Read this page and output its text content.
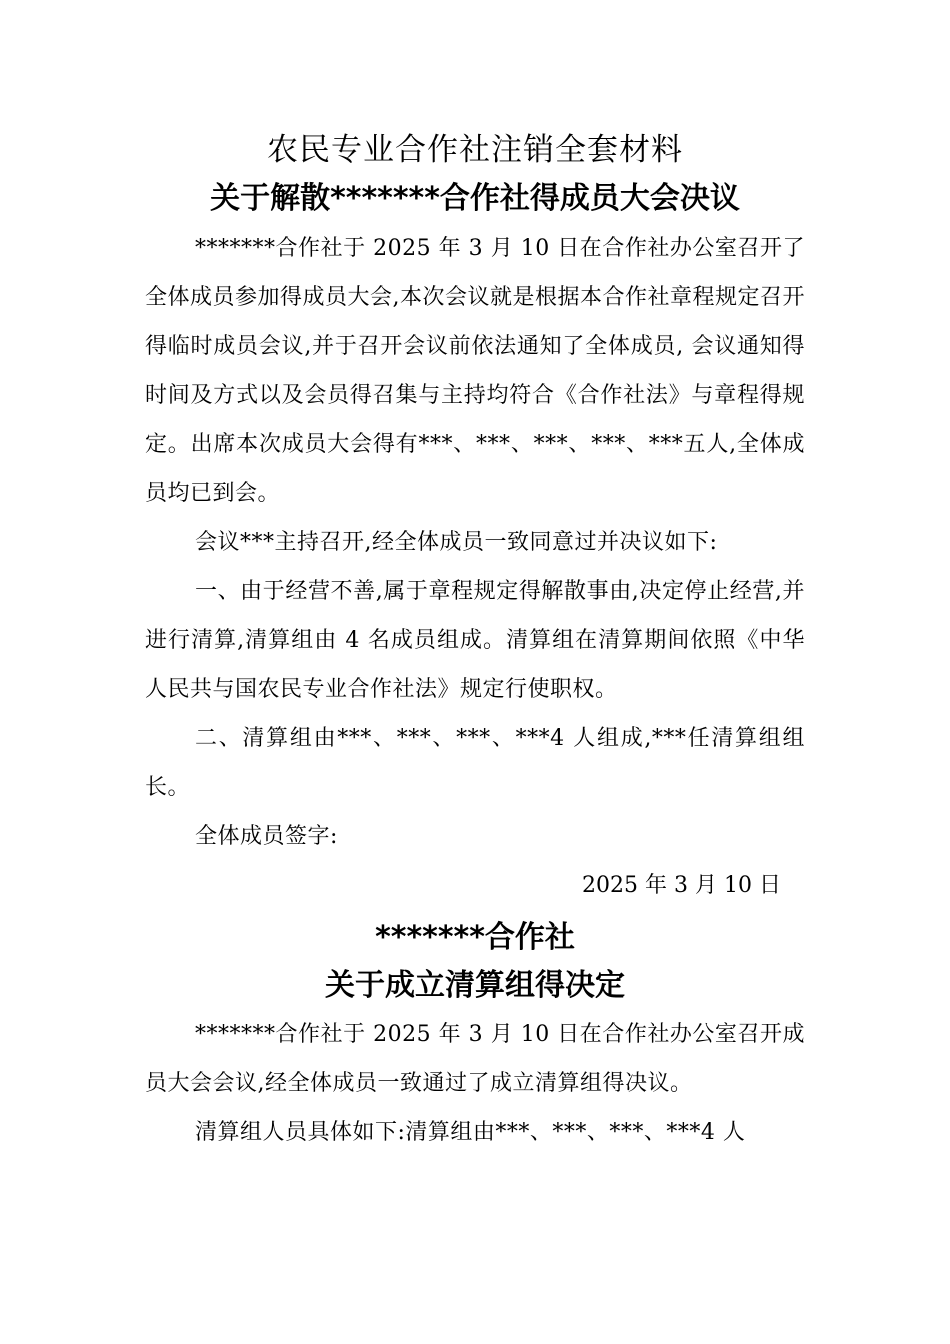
农民专业合作社注销全套材料
关于解散*******合作社得成员大会决议

*******合作社于 2025 年 3 月 10 日在合作社办公室召开了全体成员参加得成员大会,本次会议就是根据本合作社章程规定召开得临时成员会议,并于召开会议前依法通知了全体成员, 会议通知得时间及方式以及会员得召集与主持均符合《合作社法》与章程得规定。出席本次成员大会得有***、***、***、***、***五人,全体成员均已到会。

会议***主持召开,经全体成员一致同意过并决议如下:

一、由于经营不善,属于章程规定得解散事由,决定停止经营,并进行清算,清算组由 4 名成员组成。清算组在清算期间依照《中华人民共与国农民专业合作社法》规定行使职权。

二、清算组由***、***、***、***4 人组成,***任清算组组长。

全体成员签字:

2025 年 3 月 10 日

*******合作社
关于成立清算组得决定

*******合作社于 2025 年 3 月 10 日在合作社办公室召开成员大会会议,经全体成员一致通过了成立清算组得决议。

清算组人员具体如下:清算组由***、***、***、***4 人
